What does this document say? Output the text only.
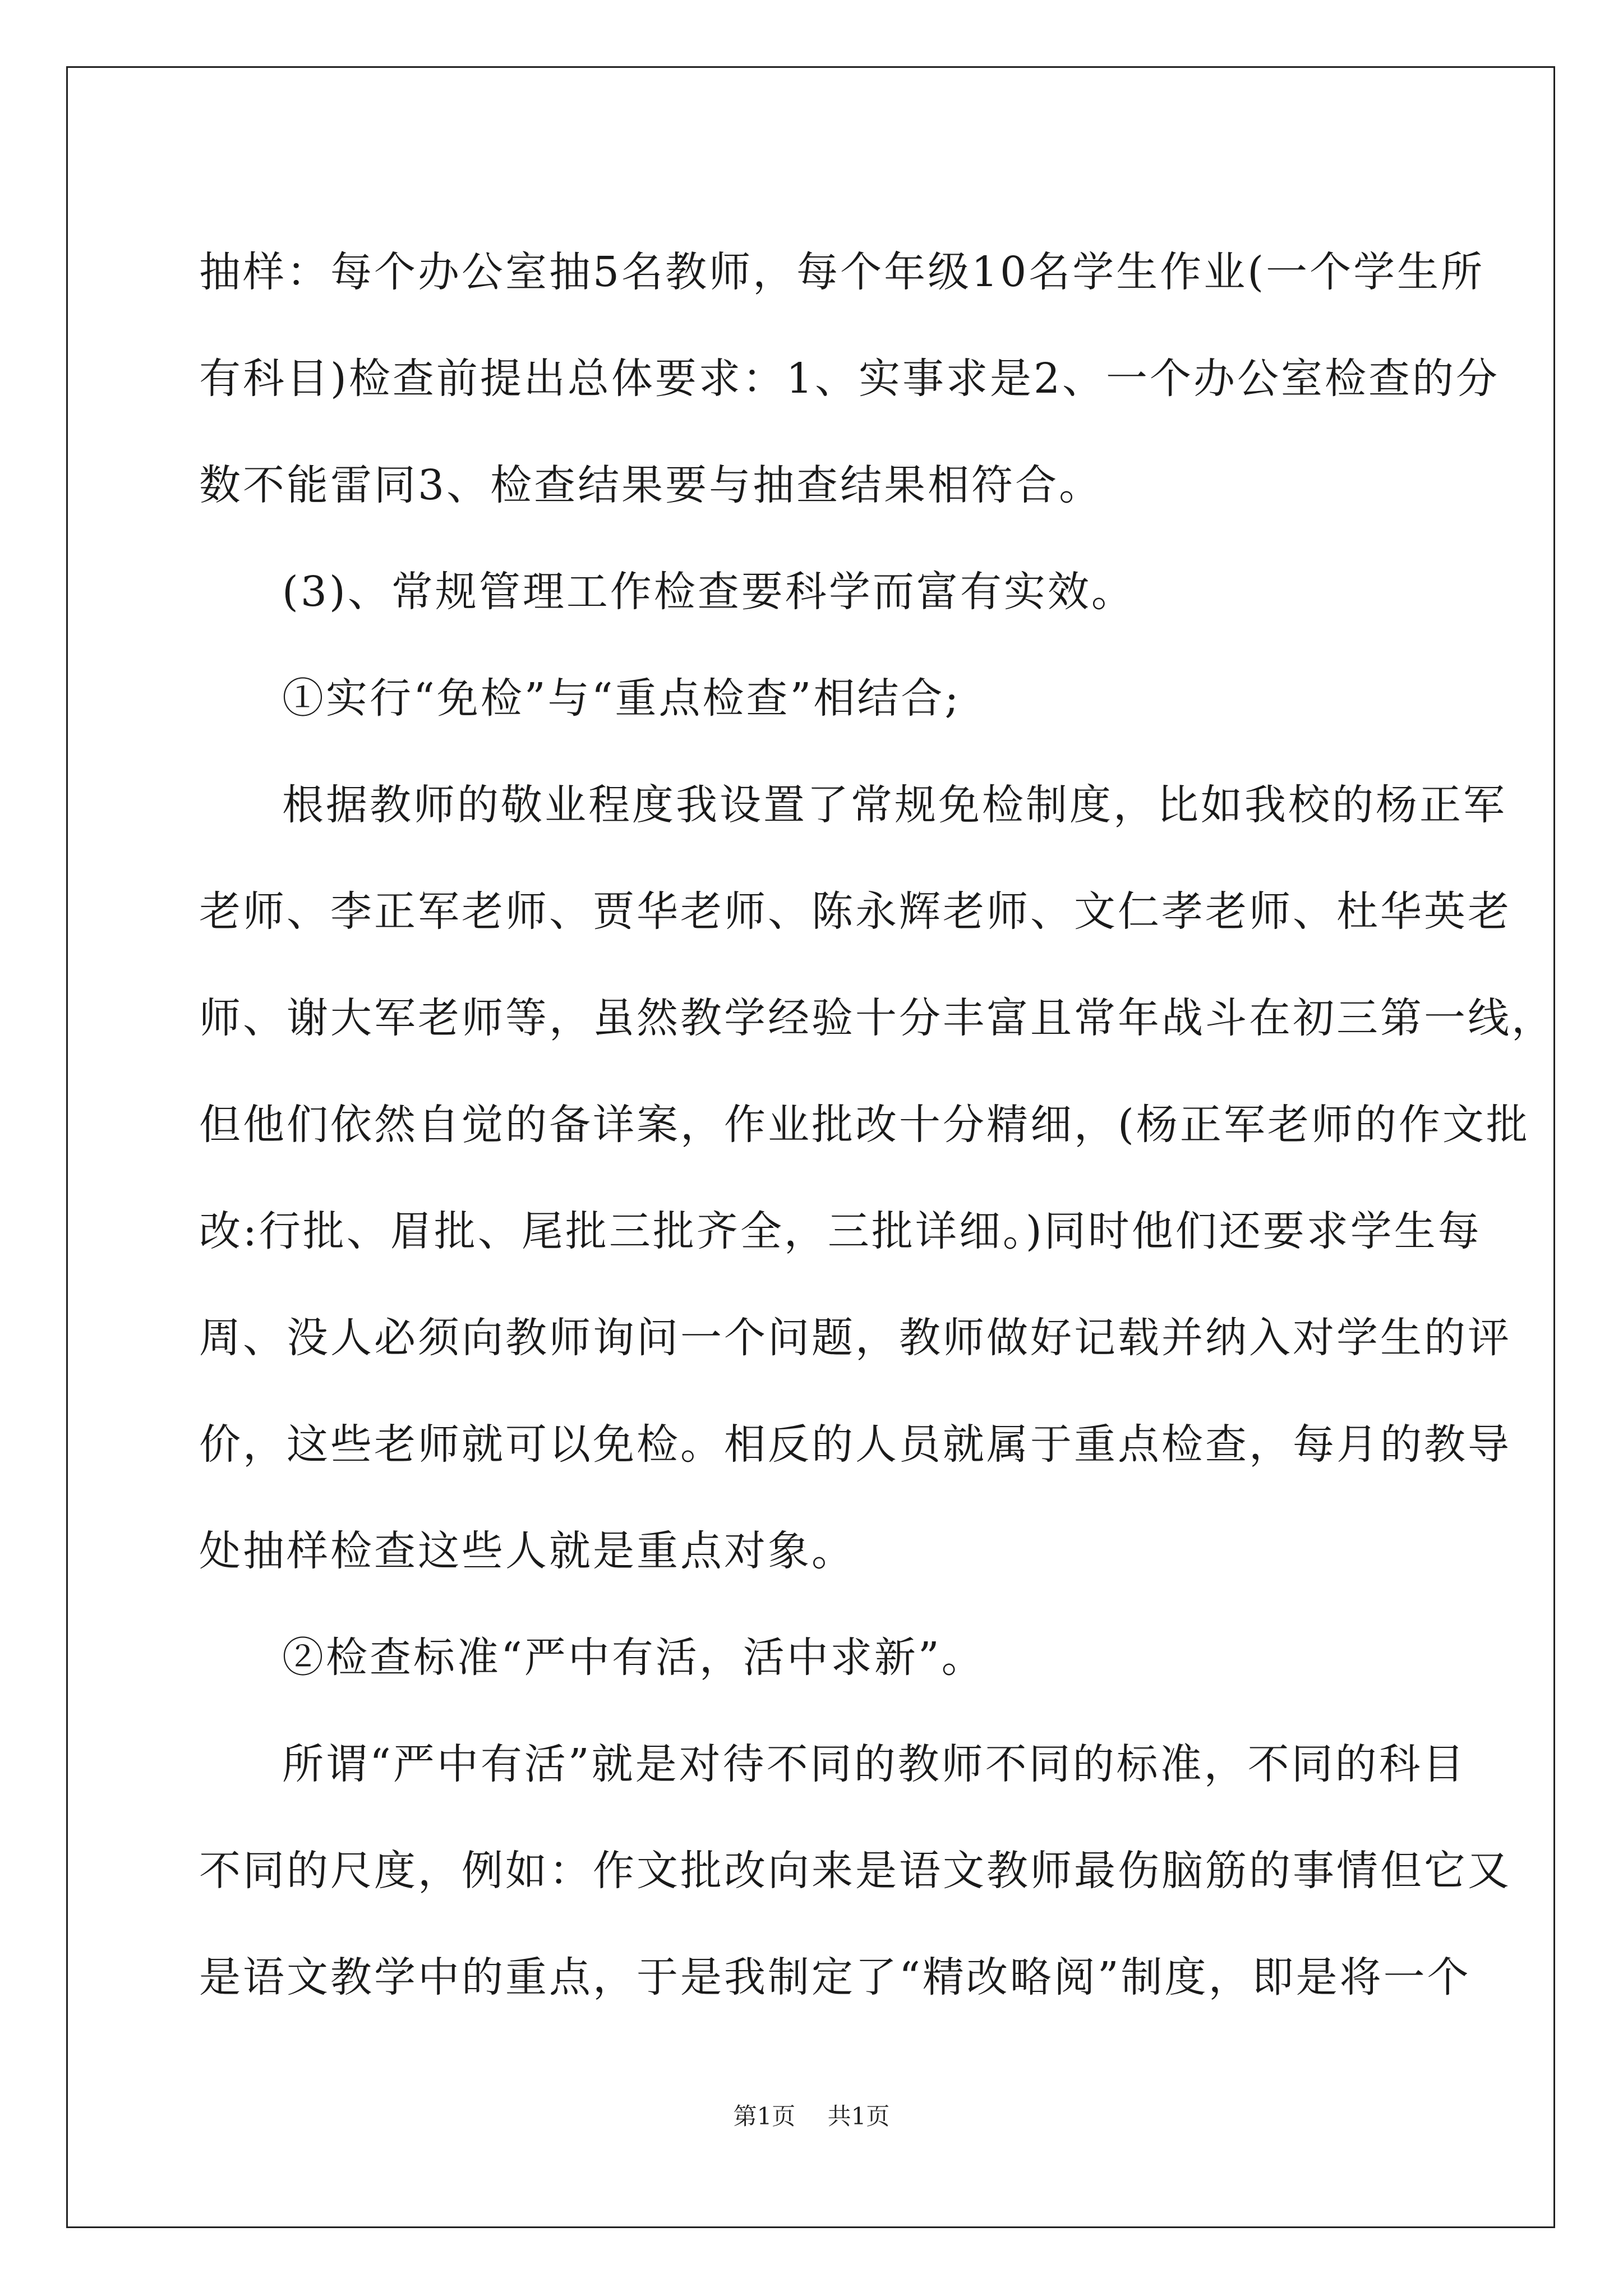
抽样：每个办公室抽5名教师，每个年级10名学生作业(一个学生所
有科目)检查前提出总体要求：1、实事求是2、一个办公室检查的分
数不能雷同3、检查结果要与抽查结果相符合。
(3)、常规管理工作检查要科学而富有实效。
①实行“免检”与“重点检查”相结合;
根据教师的敬业程度我设置了常规免检制度，比如我校的杨正军
老师、李正军老师、贾华老师、陈永辉老师、文仁孝老师、杜华英老
师、谢大军老师等，虽然教学经验十分丰富且常年战斗在初三第一线，
但他们依然自觉的备详案，作业批改十分精细，(杨正军老师的作文批
改:行批、眉批、尾批三批齐全，三批详细。)同时他们还要求学生每
周、没人必须向教师询问一个问题，教师做好记载并纳入对学生的评
价，这些老师就可以免检。相反的人员就属于重点检查，每月的教导
处抽样检查这些人就是重点对象。
②检查标准“严中有活，活中求新”。
所谓“严中有活”就是对待不同的教师不同的标准，不同的科目
不同的尺度，例如：作文批改向来是语文教师最伤脑筋的事情但它又
是语文教学中的重点，于是我制定了“精改略阅”制度，即是将一个
第1页 共1页
